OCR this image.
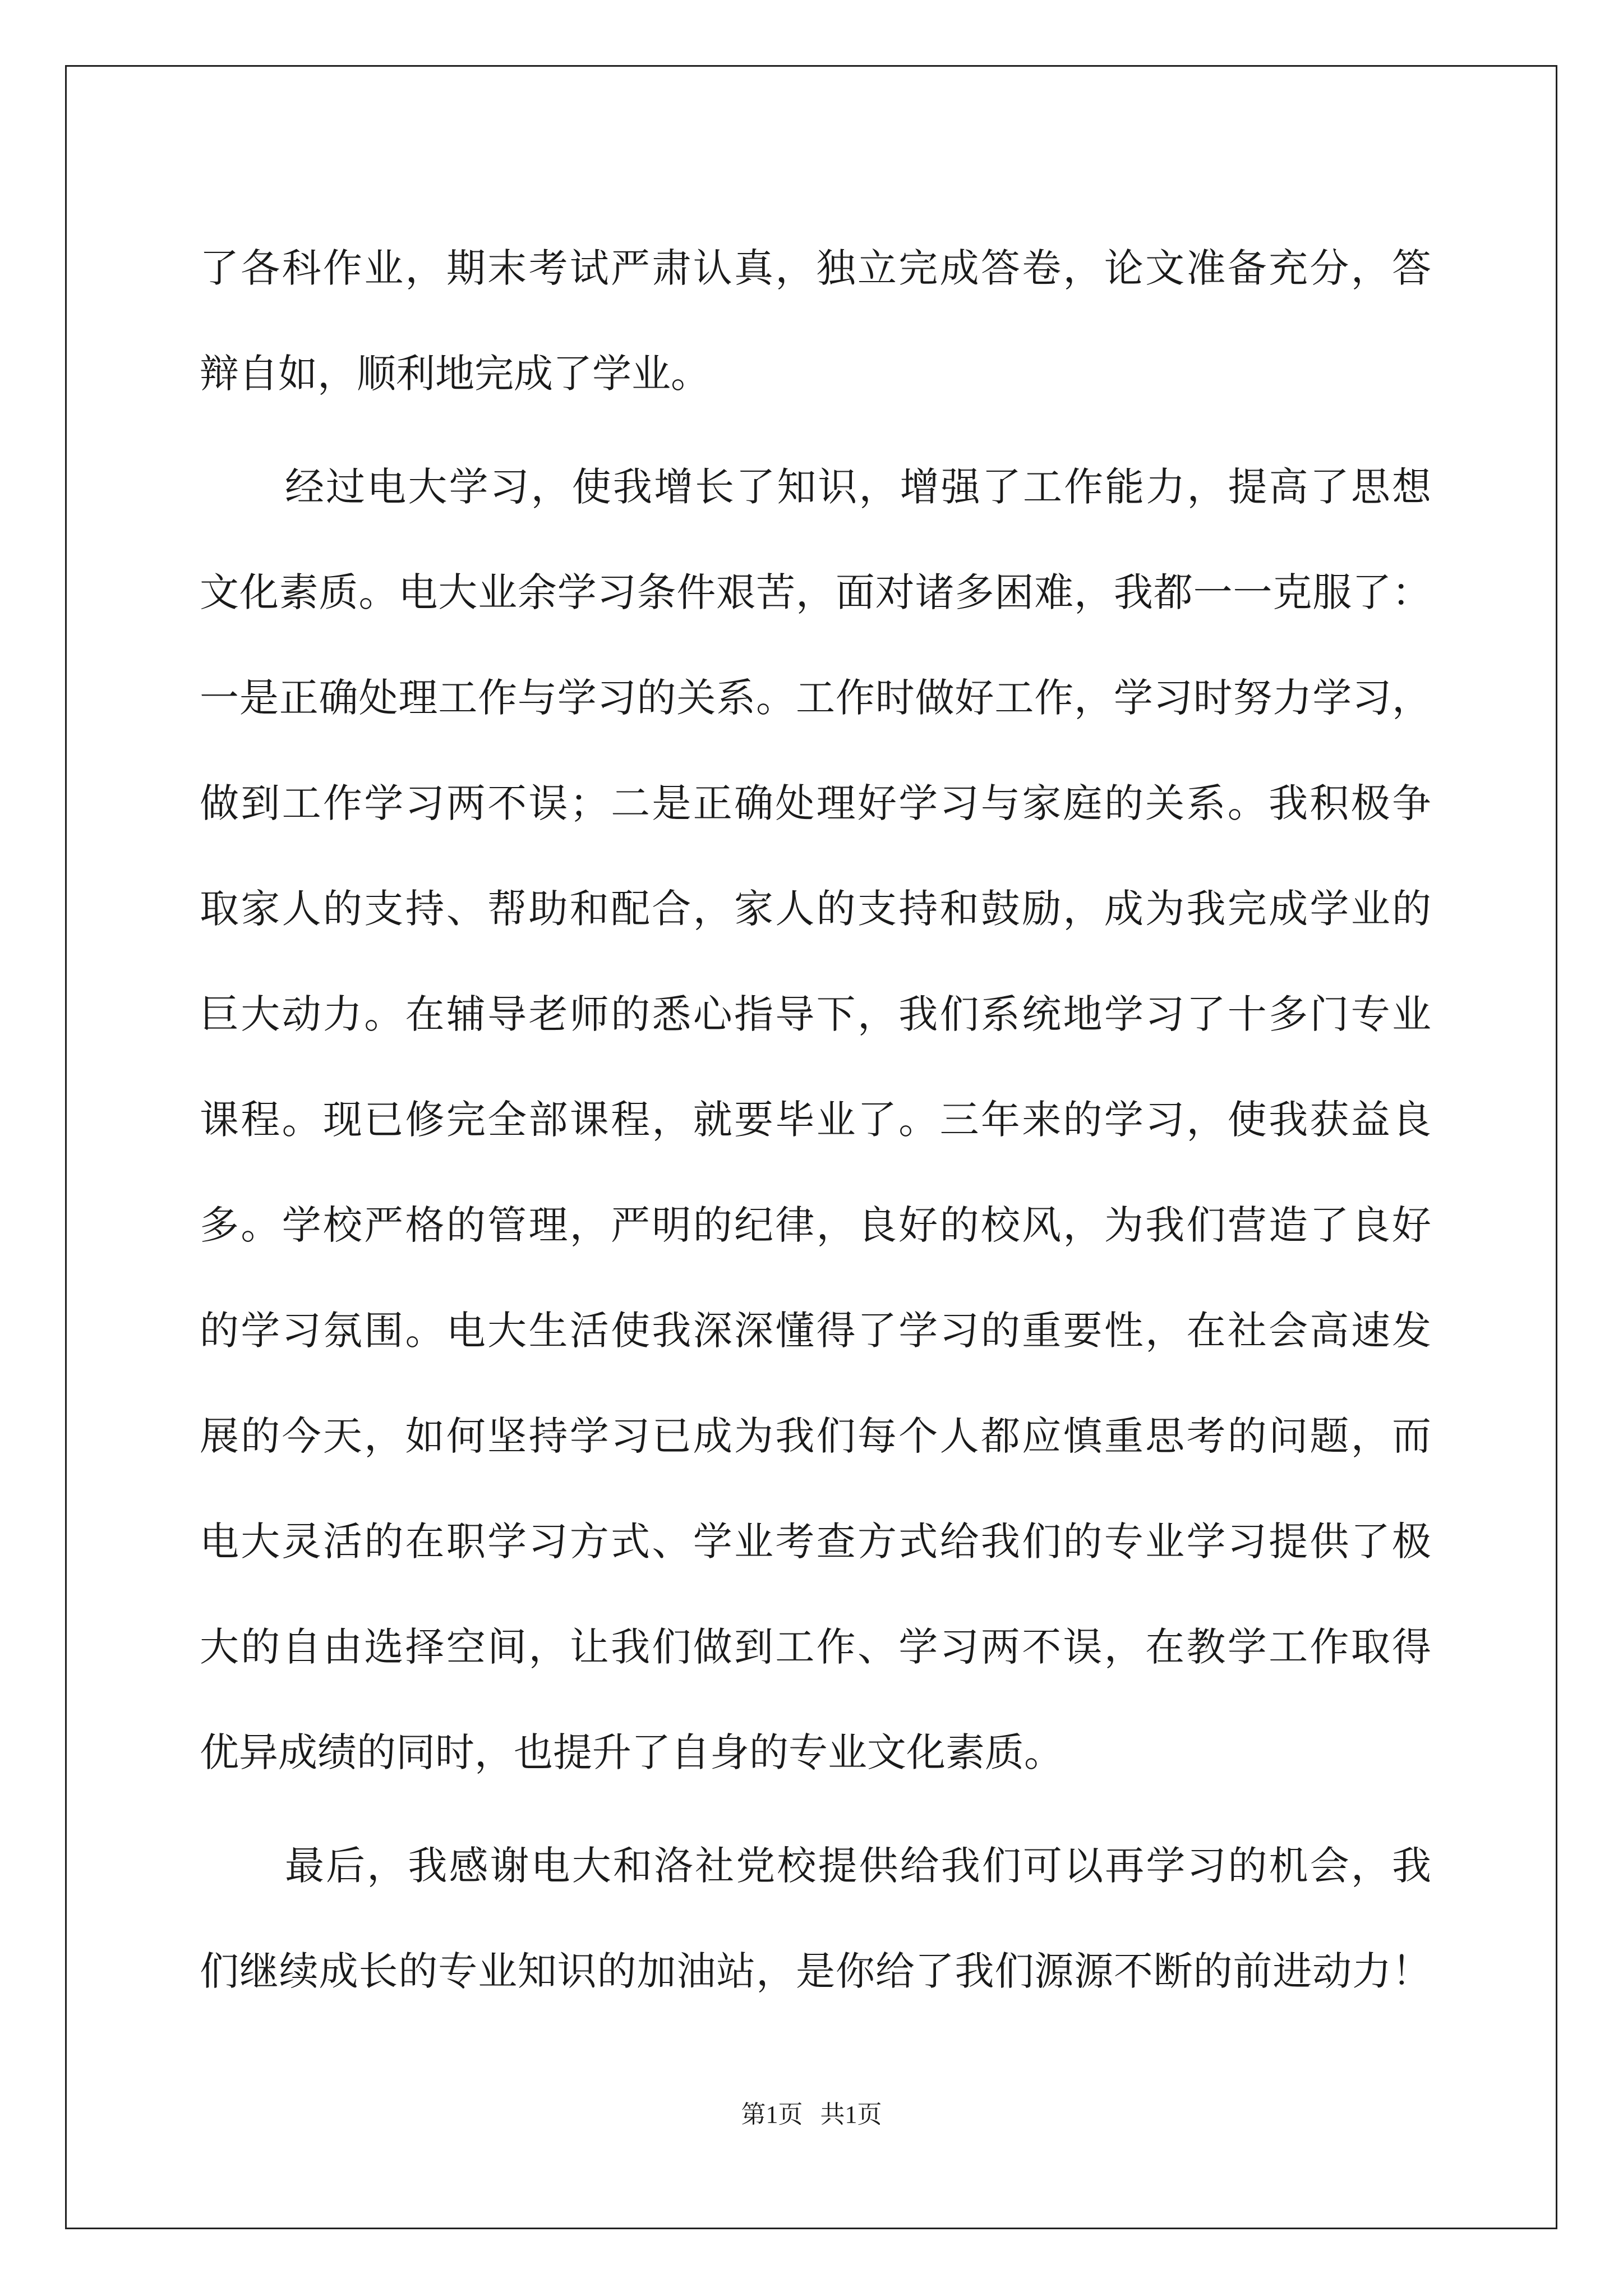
了各科作业，期末考试严肃认真，独立完成答卷，论文准备充分，答
辩自如，顺利地完成了学业。
经过电大学习，使我增长了知识，增强了工作能力，提高了思想
文化素质。电大业余学习条件艰苦，面对诸多困难，我都一一克服了：
一是正确处理工作与学习的关系。工作时做好工作，学习时努力学习，
做到工作学习两不误；二是正确处理好学习与家庭的关系。我积极争
取家人的支持、帮助和配合，家人的支持和鼓励，成为我完成学业的
巨大动力。在辅导老师的悉心指导下，我们系统地学习了十多门专业
课程。现已修完全部课程，就要毕业了。三年来的学习，使我获益良
多。学校严格的管理，严明的纪律，良好的校风，为我们营造了良好
的学习氛围。电大生活使我深深懂得了学习的重要性，在社会高速发
展的今天，如何坚持学习已成为我们每个人都应慎重思考的问题，而
电大灵活的在职学习方式、学业考查方式给我们的专业学习提供了极
大的自由选择空间，让我们做到工作、学习两不误，在教学工作取得
优异成绩的同时，也提升了自身的专业文化素质。
最后，我感谢电大和洛社党校提供给我们可以再学习的机会，我
们继续成长的专业知识的加油站，是你给了我们源源不断的前进动力！
第1页 共1页
